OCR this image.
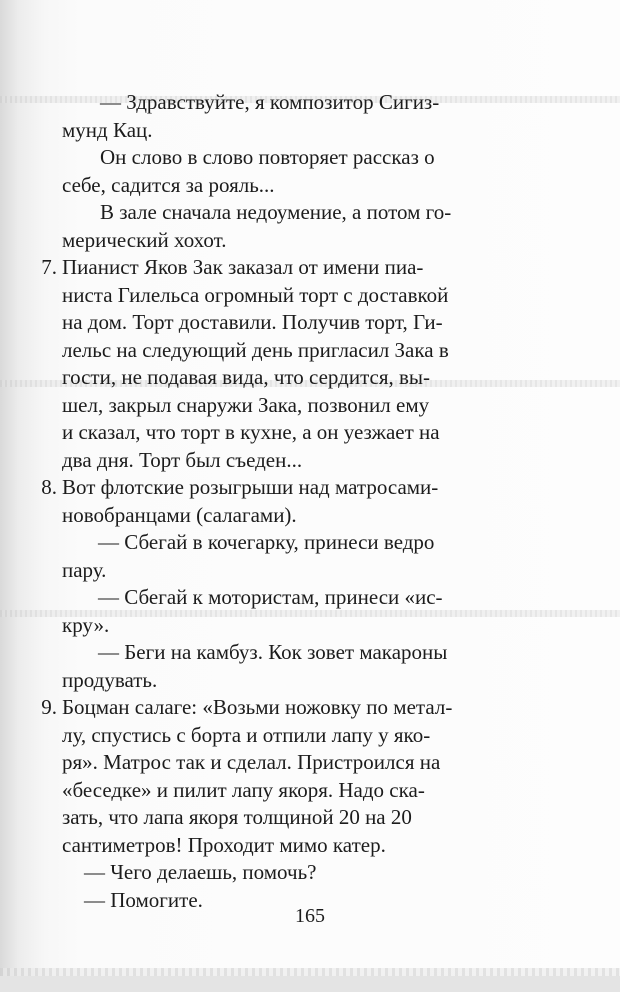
— Здравствуйте, я композитор Сигиз-

мунд Кац.

Он слово в слово повторяет рассказ о

себе, садится за рояль...

В зале сначала недоумение, а потом го-

мерический хохот.

7. Пианист Яков Зак заказал от имени пиа-

ниста Гилельса огромный торт с доставкой

на дом. Торт доставили. Получив торт, Ги-

лельс на следующий день пригласил Зака в

гости, не подавая вида, что сердится, вы-

шел, закрыл снаружи Зака, позвонил ему

и сказал, что торт в кухне, а он уезжает на

два дня. Торт был съеден...

8. Вот флотские розыгрыши над матросами-

новобранцами (салагами).

— Сбегай в кочегарку, принеси ведро

пару.

— Сбегай к мотористам, принеси «ис-

кру».

— Беги на камбуз. Кок зовет макароны

продувать.

9. Боцман салаге: «Возьми ножовку по метал-

лу, спустись с борта и отпили лапу у яко-

ря». Матрос так и сделал. Пристроился на

«беседке» и пилит лапу якоря. Надо ска-

зать, что лапа якоря толщиной 20 на 20

сантиметров! Проходит мимо катер.

— Чего делаешь, помочь?

— Помогите.

165
